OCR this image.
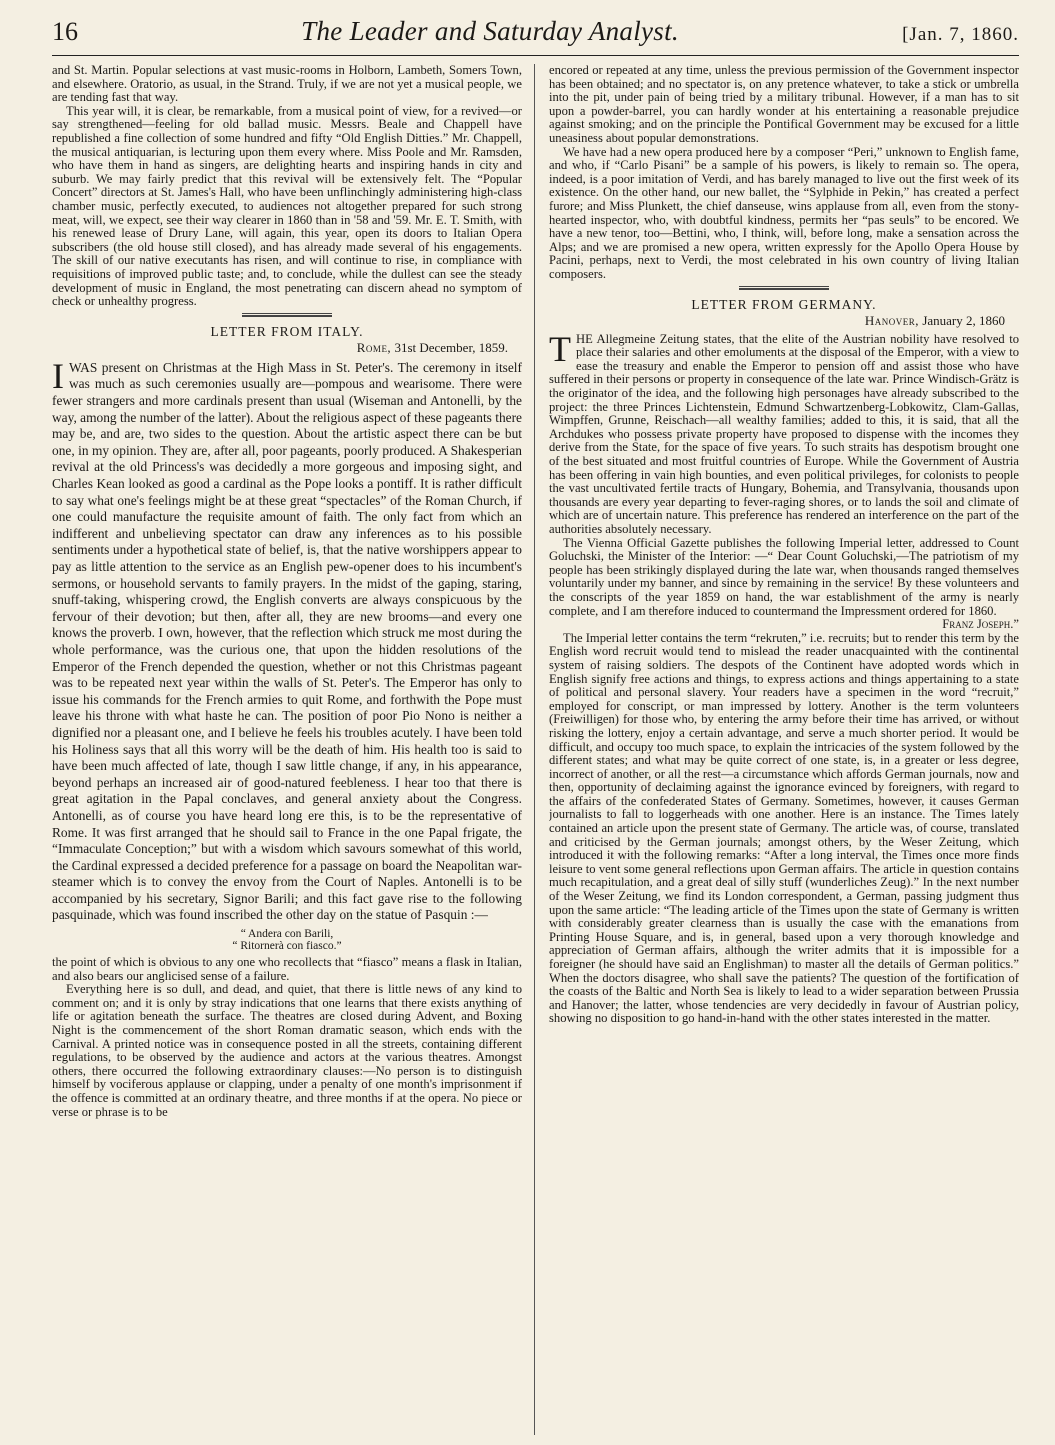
16	The Leader and Saturday Analyst.	[Jan. 7, 1860.

and St. Martin. Popular selections at vast music-rooms in Holborn, Lambeth, Somers Town, and elsewhere. Oratorio, as usual, in the Strand. Truly, if we are not yet a musical people, we are tending fast that way.

This year will, it is clear, be remarkable, from a musical point of view, for a revived—or say strengthened—feeling for old ballad music. Messrs. Beale and Chappell have republished a fine collection of some hundred and fifty “Old English Ditties.” Mr. Chappell, the musical antiquarian, is lecturing upon them every where. Miss Poole and Mr. Ramsden, who have them in hand as singers, are delighting hearts and inspiring hands in city and suburb. We may fairly predict that this revival will be extensively felt. The “Popular Concert” directors at St. James's Hall, who have been unflinchingly administering high-class chamber music, perfectly executed, to audiences not altogether prepared for such strong meat, will, we expect, see their way clearer in 1860 than in '58 and '59. Mr. E. T. Smith, with his renewed lease of Drury Lane, will again, this year, open its doors to Italian Opera subscribers (the old house still closed), and has already made several of his engagements. The skill of our native executants has risen, and will continue to rise, in compliance with requisitions of improved public taste; and, to conclude, while the dullest can see the steady development of music in England, the most penetrating can discern ahead no symptom of check or unhealthy progress.

LETTER FROM ITALY.
Rome, 31st December, 1859.

I WAS present on Christmas at the High Mass in St. Peter's. The ceremony in itself was much as such ceremonies usually are—pompous and wearisome. There were fewer strangers and more cardinals present than usual (Wiseman and Antonelli, by the way, among the number of the latter). About the religious aspect of these pageants there may be, and are, two sides to the question. About the artistic aspect there can be but one, in my opinion. They are, after all, poor pageants, poorly produced. A Shakesperian revival at the old Princess's was decidedly a more gorgeous and imposing sight, and Charles Kean looked as good a cardinal as the Pope looks a pontiff. It is rather difficult to say what one's feelings might be at these great “spectacles” of the Roman Church, if one could manufacture the requisite amount of faith. The only fact from which an indifferent and unbelieving spectator can draw any inferences as to his possible sentiments under a hypothetical state of belief, is, that the native worshippers appear to pay as little attention to the service as an English pew-opener does to his incumbent's sermons, or household servants to family prayers. In the midst of the gaping, staring, snuff-taking, whispering crowd, the English converts are always conspicuous by the fervour of their devotion; but then, after all, they are new brooms—and every one knows the proverb. I own, however, that the reflection which struck me most during the whole performance, was the curious one, that upon the hidden resolutions of the Emperor of the French depended the question, whether or not this Christmas pageant was to be repeated next year within the walls of St. Peter's. The Emperor has only to issue his commands for the French armies to quit Rome, and forthwith the Pope must leave his throne with what haste he can. The position of poor Pio Nono is neither a dignified nor a pleasant one, and I believe he feels his troubles acutely. I have been told his Holiness says that all this worry will be the death of him. His health too is said to have been much affected of late, though I saw little change, if any, in his appearance, beyond perhaps an increased air of good-natured feebleness. I hear too that there is great agitation in the Papal conclaves, and general anxiety about the Congress. Antonelli, as of course you have heard long ere this, is to be the representative of Rome. It was first arranged that he should sail to France in the one Papal frigate, the “Immaculate Conception;” but with a wisdom which savours somewhat of this world, the Cardinal expressed a decided preference for a passage on board the Neapolitan war-steamer which is to convey the envoy from the Court of Naples. Antonelli is to be accompanied by his secretary, Signor Barili; and this fact gave rise to the following pasquinade, which was found inscribed the other day on the statue of Pasquin :—

“ Andera con Barili,
“ Ritornerà con fiasco.”

the point of which is obvious to any one who recollects that “fiasco” means a flask in Italian, and also bears our anglicised sense of a failure.

Everything here is so dull, and dead, and quiet, that there is little news of any kind to comment on; and it is only by stray indications that one learns that there exists anything of life or agitation beneath the surface. The theatres are closed during Advent, and Boxing Night is the commencement of the short Roman dramatic season, which ends with the Carnival. A printed notice was in consequence posted in all the streets, containing different regulations, to be observed by the audience and actors at the various theatres. Amongst others, there occurred the following extraordinary clauses:—No person is to distinguish himself by vociferous applause or clapping, under a penalty of one month's imprisonment if the offence is committed at an ordinary theatre, and three months if at the opera. No piece or verse or phrase is to be

encored or repeated at any time, unless the previous permission of the Government inspector has been obtained; and no spectator is, on any pretence whatever, to take a stick or umbrella into the pit, under pain of being tried by a military tribunal. However, if a man has to sit upon a powder-barrel, you can hardly wonder at his entertaining a reasonable prejudice against smoking; and on the principle the Pontifical Government may be excused for a little uneasiness about popular demonstrations.

We have had a new opera produced here by a composer “Peri,” unknown to English fame, and who, if “Carlo Pisani” be a sample of his powers, is likely to remain so. The opera, indeed, is a poor imitation of Verdi, and has barely managed to live out the first week of its existence. On the other hand, our new ballet, the “Sylphide in Pekin,” has created a perfect furore; and Miss Plunkett, the chief danseuse, wins applause from all, even from the stony-hearted inspector, who, with doubtful kindness, permits her “pas seuls” to be encored. We have a new tenor, too—Bettini, who, I think, will, before long, make a sensation across the Alps; and we are promised a new opera, written expressly for the Apollo Opera House by Pacini, perhaps, next to Verdi, the most celebrated in his own country of living Italian composers.

LETTER FROM GERMANY.
Hanover, January 2, 1860

THE Allegmeine Zeitung states, that the elite of the Austrian nobility have resolved to place their salaries and other emoluments at the disposal of the Emperor, with a view to ease the treasury and enable the Emperor to pension off and assist those who have suffered in their persons or property in consequence of the late war. Prince Windisch-Grätz is the originator of the idea, and the following high personages have already subscribed to the project: the three Princes Lichtenstein, Edmund Schwartzenberg-Lobkowitz, Clam-Gallas, Wimpffen, Grunne, Reischach—all wealthy families; added to this, it is said, that all the Archdukes who possess private property have proposed to dispense with the incomes they derive from the State, for the space of five years. To such straits has despotism brought one of the best situated and most fruitful countries of Europe. While the Government of Austria has been offering in vain high bounties, and even political privileges, for colonists to people the vast uncultivated fertile tracts of Hungary, Bohemia, and Transylvania, thousands upon thousands are every year departing to fever-raging shores, or to lands the soil and climate of which are of uncertain nature. This preference has rendered an interference on the part of the authorities absolutely necessary.

The Vienna Official Gazette publishes the following Imperial letter, addressed to Count Goluchski, the Minister of the Interior: —“ Dear Count Goluchski,—The patriotism of my people has been strikingly displayed during the late war, when thousands ranged themselves voluntarily under my banner, and since by remaining in the service! By these volunteers and the conscripts of the year 1859 on hand, the war establishment of the army is nearly complete, and I am therefore induced to countermand the Impressment ordered for 1860.

Franz Joseph.”

The Imperial letter contains the term “rekruten,” i.e. recruits; but to render this term by the English word recruit would tend to mislead the reader unacquainted with the continental system of raising soldiers. The despots of the Continent have adopted words which in English signify free actions and things, to express actions and things appertaining to a state of political and personal slavery. Your readers have a specimen in the word “recruit,” employed for conscript, or man impressed by lottery. Another is the term volunteers (Freiwilligen) for those who, by entering the army before their time has arrived, or without risking the lottery, enjoy a certain advantage, and serve a much shorter period. It would be difficult, and occupy too much space, to explain the intricacies of the system followed by the different states; and what may be quite correct of one state, is, in a greater or less degree, incorrect of another, or all the rest—a circumstance which affords German journals, now and then, opportunity of declaiming against the ignorance evinced by foreigners, with regard to the affairs of the confederated States of Germany. Sometimes, however, it causes German journalists to fall to loggerheads with one another. Here is an instance. The Times lately contained an article upon the present state of Germany. The article was, of course, translated and criticised by the German journals; amongst others, by the Weser Zeitung, which introduced it with the following remarks: “After a long interval, the Times once more finds leisure to vent some general reflections upon German affairs. The article in question contains much recapitulation, and a great deal of silly stuff (wunderliches Zeug).” In the next number of the Weser Zeitung, we find its London correspondent, a German, passing judgment thus upon the same article: “The leading article of the Times upon the state of Germany is written with considerably greater clearness than is usually the case with the emanations from Printing House Square, and is, in general, based upon a very thorough knowledge and appreciation of German affairs, although the writer admits that it is impossible for a foreigner (he should have said an Englishman) to master all the details of German politics.” When the doctors disagree, who shall save the patients? The question of the fortification of the coasts of the Baltic and North Sea is likely to lead to a wider separation between Prussia and Hanover; the latter, whose tendencies are very decidedly in favour of Austrian policy, showing no disposition to go hand-in-hand with the other states interested in the matter.
